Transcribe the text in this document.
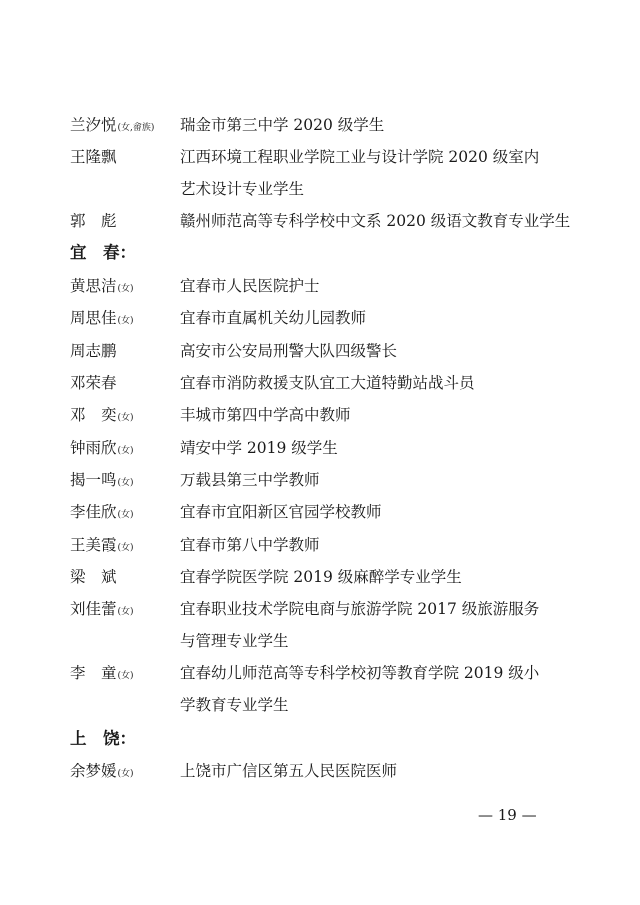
兰汐悦(女,畲族)	瑞金市第三中学 2020 级学生
王隆飘	江西环境工程职业学院工业与设计学院 2020 级室内
艺术设计专业学生
郭　彪	赣州师范高等专科学校中文系 2020 级语文教育专业学生
宜　春：
黄思洁(女)	宜春市人民医院护士
周思佳(女)	宜春市直属机关幼儿园教师
周志鹏	高安市公安局刑警大队四级警长
邓荣春	宜春市消防救援支队宜工大道特勤站战斗员
邓　奕(女)	丰城市第四中学高中教师
钟雨欣(女)	靖安中学 2019 级学生
揭一鸣(女)	万载县第三中学教师
李佳欣(女)	宜春市宜阳新区官园学校教师
王美霞(女)	宜春市第八中学教师
梁　斌	宜春学院医学院 2019 级麻醉学专业学生
刘佳蕾(女)	宜春职业技术学院电商与旅游学院 2017 级旅游服务
与管理专业学生
李　童(女)	宜春幼儿师范高等专科学校初等教育学院 2019 级小
学教育专业学生
上　饶：
余梦媛(女)	上饶市广信区第五人民医院医师
— 19 —
